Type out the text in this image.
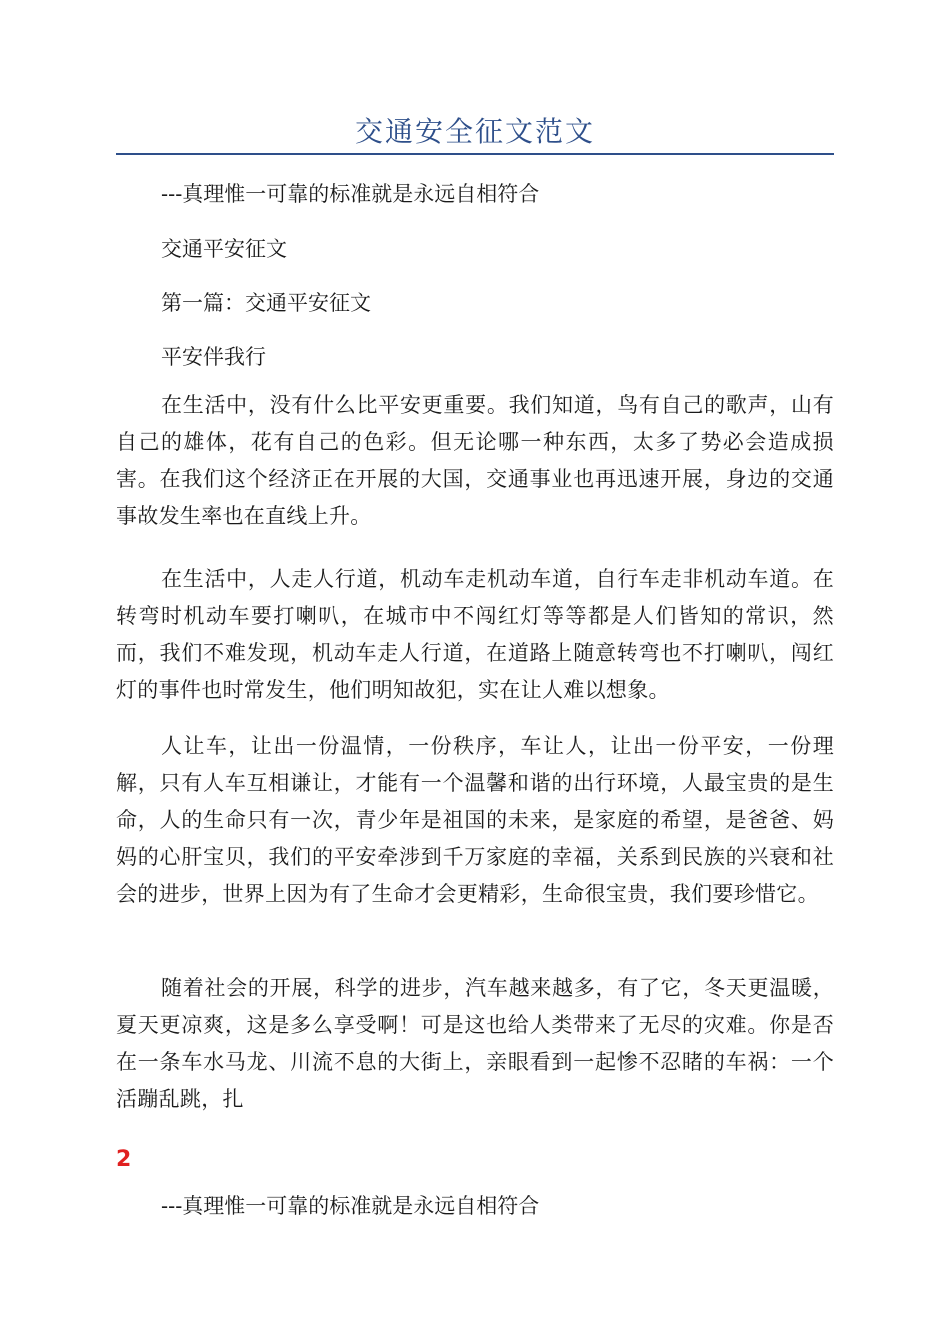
交通安全征文范文
---真理惟一可靠的标准就是永远自相符合
交通平安征文
第一篇：交通平安征文
平安伴我行

在生活中，没有什么比平安更重要。我们知道，鸟有自己的歌声，山有自己的雄体，花有自己的色彩。但无论哪一种东西，太多了势必会造成损害。在我们这个经济正在开展的大国，交通事业也再迅速开展，身边的交通事故发生率也在直线上升。

在生活中，人走人行道，机动车走机动车道，自行车走非机动车道。在转弯时机动车要打喇叭，在城市中不闯红灯等等都是人们皆知的常识，然而，我们不难发现，机动车走人行道，在道路上随意转弯也不打喇叭，闯红灯的事件也时常发生，他们明知故犯，实在让人难以想象。

人让车，让出一份温情，一份秩序，车让人，让出一份平安，一份理解，只有人车互相谦让，才能有一个温馨和谐的出行环境，人最宝贵的是生命，人的生命只有一次，青少年是祖国的未来，是家庭的希望，是爸爸、妈妈的心肝宝贝，我们的平安牵涉到千万家庭的幸福，关系到民族的兴衰和社会的进步，世界上因为有了生命才会更精彩，生命很宝贵，我们要珍惜它。

随着社会的开展，科学的进步，汽车越来越多，有了它，冬天更温暖，夏天更凉爽，这是多么享受啊！可是这也给人类带来了无尽的灾难。你是否在一条车水马龙、川流不息的大街上，亲眼看到一起惨不忍睹的车祸：一个活蹦乱跳，扎

2
---真理惟一可靠的标准就是永远自相符合
